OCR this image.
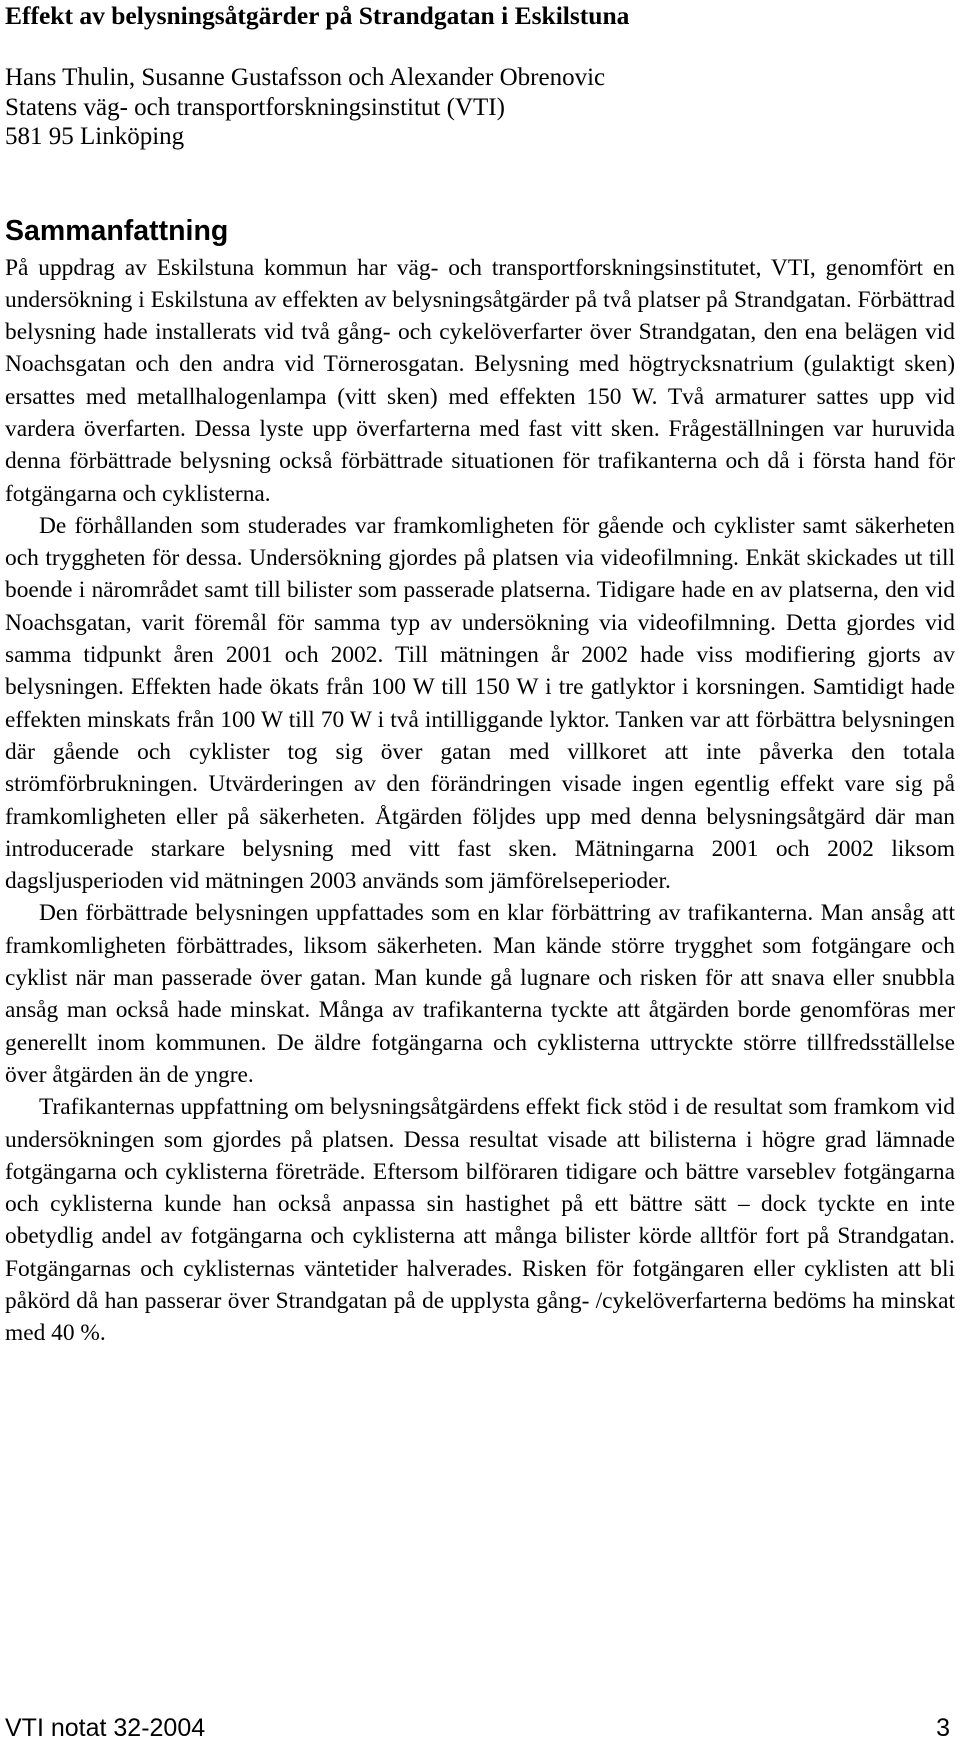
Effekt av belysningsåtgärder på Strandgatan i Eskilstuna
Hans Thulin, Susanne Gustafsson och Alexander Obrenovic
Statens väg- och transportforskningsinstitut (VTI)
581 95 Linköping
Sammanfattning

På uppdrag av Eskilstuna kommun har väg- och transportforskningsinstitutet, VTI, genomfört en undersökning i Eskilstuna av effekten av belysningsåtgärder på två platser på Strandgatan. Förbättrad belysning hade installerats vid två gång- och cykelöverfarter över Strandgatan, den ena belägen vid Noachsgatan och den andra vid Törnerosgatan. Belysning med högtrycksnatrium (gulaktigt sken) ersattes med metallhalogenlampa (vitt sken) med effekten 150 W. Två armaturer sattes upp vid vardera överfarten. Dessa lyste upp överfarterna med fast vitt sken. Frågeställningen var huruvida denna förbättrade belysning också förbättrade situationen för trafikanterna och då i första hand för fotgängarna och cyklisterna.

De förhållanden som studerades var framkomligheten för gående och cyklister samt säkerheten och tryggheten för dessa. Undersökning gjordes på platsen via videofilmning. Enkät skickades ut till boende i närområdet samt till bilister som passerade platserna. Tidigare hade en av platserna, den vid Noachsgatan, varit föremål för samma typ av undersökning via videofilmning. Detta gjordes vid samma tidpunkt åren 2001 och 2002. Till mätningen år 2002 hade viss modifiering gjorts av belysningen. Effekten hade ökats från 100 W till 150 W i tre gatlyktor i korsningen. Samtidigt hade effekten minskats från 100 W till 70 W i två intilliggande lyktor. Tanken var att förbättra belysningen där gående och cyklister tog sig över gatan med villkoret att inte påverka den totala strömförbrukningen. Utvärderingen av den förändringen visade ingen egentlig effekt vare sig på framkomligheten eller på säkerheten. Åtgärden följdes upp med denna belysningsåtgärd där man introducerade starkare belysning med vitt fast sken. Mätningarna 2001 och 2002 liksom dagsljusperioden vid mätningen 2003 används som jämförelseperioder.

Den förbättrade belysningen uppfattades som en klar förbättring av trafikanterna. Man ansåg att framkomligheten förbättrades, liksom säkerheten. Man kände större trygghet som fotgängare och cyklist när man passerade över gatan. Man kunde gå lugnare och risken för att snava eller snubbla ansåg man också hade minskat. Många av trafikanterna tyckte att åtgärden borde genomföras mer generellt inom kommunen. De äldre fotgängarna och cyklisterna uttryckte större tillfredsställelse över åtgärden än de yngre.

Trafikanternas uppfattning om belysningsåtgärdens effekt fick stöd i de resultat som framkom vid undersökningen som gjordes på platsen. Dessa resultat visade att bilisterna i högre grad lämnade fotgängarna och cyklisterna företräde. Eftersom bilföraren tidigare och bättre varseblev fotgängarna och cyklisterna kunde han också anpassa sin hastighet på ett bättre sätt – dock tyckte en inte obetydlig andel av fotgängarna och cyklisterna att många bilister körde alltför fort på Strandgatan. Fotgängarnas och cyklisternas väntetider halverades. Risken för fotgängaren eller cyklisten att bli påkörd då han passerar över Strandgatan på de upplysta gång- /cykelöverfarterna bedöms ha minskat med 40 %.

VTI notat 32-2004	3
